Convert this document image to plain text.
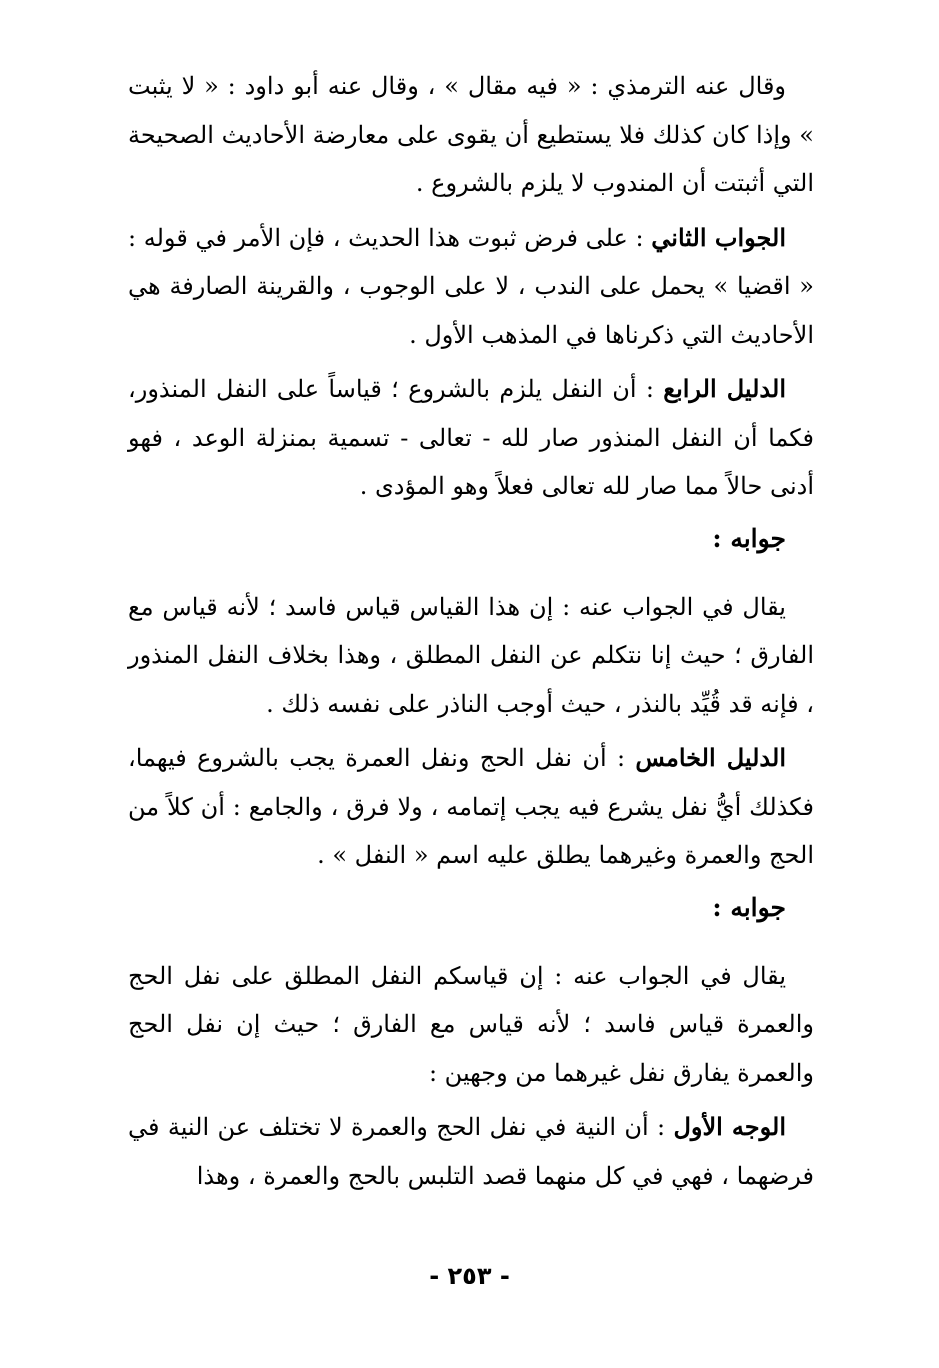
وقال عنه الترمذي : « فيه مقال » ، وقال عنه أبو داود : « لا يثبت » وإذا كان كذلك فلا يستطيع أن يقوى على معارضة الأحاديث الصحيحة التي أثبتت أن المندوب لا يلزم بالشروع .

الجواب الثاني : على فرض ثبوت هذا الحديث ، فإن الأمر في قوله : « اقضيا » يحمل على الندب ، لا على الوجوب ، والقرينة الصارفة هي الأحاديث التي ذكرناها في المذهب الأول .

الدليل الرابع : أن النفل يلزم بالشروع ؛ قياساً على النفل المنذور، فكما أن النفل المنذور صار لله - تعالى - تسمية بمنزلة الوعد ، فهو أدنى حالاً مما صار لله تعالى فعلاً وهو المؤدى .

جوابه :

يقال في الجواب عنه : إن هذا القياس قياس فاسد ؛ لأنه قياس مع الفارق ؛ حيث إنا نتكلم عن النفل المطلق ، وهذا بخلاف النفل المنذور ، فإنه قد قُيِّد بالنذر ، حيث أوجب الناذر على نفسه ذلك .

الدليل الخامس : أن نفل الحج ونفل العمرة يجب بالشروع فيهما، فكذلك أيُّ نفل يشرع فيه يجب إتمامه ، ولا فرق ، والجامع : أن كلاً من الحج والعمرة وغيرهما يطلق عليه اسم « النفل » .

جوابه :

يقال في الجواب عنه : إن قياسكم النفل المطلق على نفل الحج والعمرة قياس فاسد ؛ لأنه قياس مع الفارق ؛ حيث إن نفل الحج والعمرة يفارق نفل غيرهما من وجهين :

الوجه الأول : أن النية في نفل الحج والعمرة لا تختلف عن النية في فرضهما ، فهي في كل منهما قصد التلبس بالحج والعمرة ، وهذا

- ٢٥٣ -
